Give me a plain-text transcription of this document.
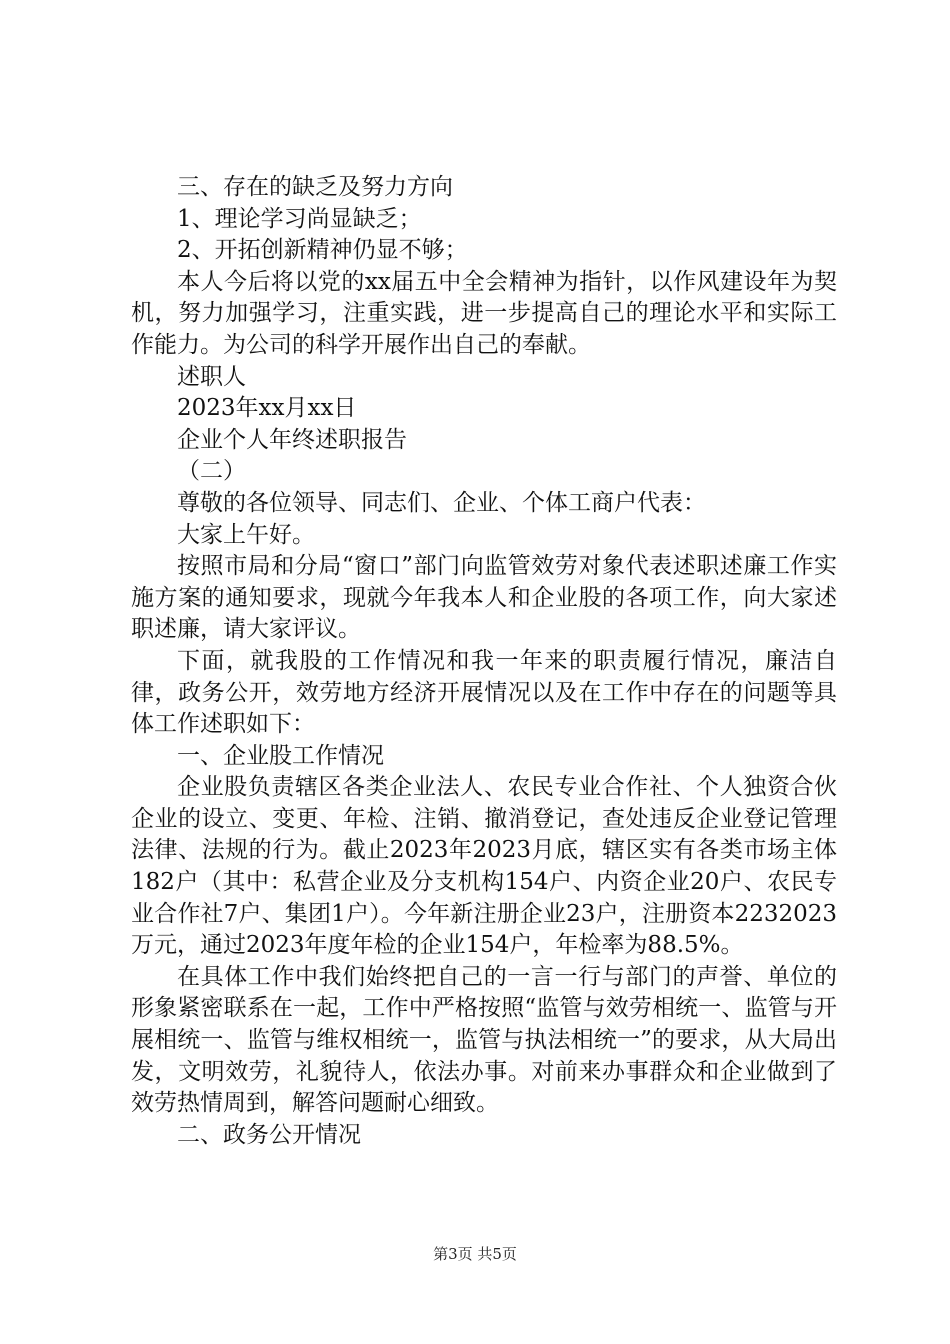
三、存在的缺乏及努力方向

1、理论学习尚显缺乏；

2、开拓创新精神仍显不够；

本人今后将以党的xx届五中全会精神为指针，以作风建设年为契机，努力加强学习，注重实践，进一步提高自己的理论水平和实际工作能力。为公司的科学开展作出自己的奉献。

述职人

2023年xx月xx日

企业个人年终述职报告

（二）

尊敬的各位领导、同志们、企业、个体工商户代表：

大家上午好。

按照市局和分局“窗口”部门向监管效劳对象代表述职述廉工作实施方案的通知要求，现就今年我本人和企业股的各项工作，向大家述职述廉，请大家评议。

下面，就我股的工作情况和我一年来的职责履行情况，廉洁自律，政务公开，效劳地方经济开展情况以及在工作中存在的问题等具体工作述职如下：

一、企业股工作情况

企业股负责辖区各类企业法人、农民专业合作社、个人独资合伙企业的设立、变更、年检、注销、撤消登记，查处违反企业登记管理法律、法规的行为。截止2023年2023月底，辖区实有各类市场主体182户（其中：私营企业及分支机构154户、内资企业20户、农民专业合作社7户、集团1户）。今年新注册企业23户，注册资本2232023万元，通过2023年度年检的企业154户，年检率为88.5%。

在具体工作中我们始终把自己的一言一行与部门的声誉、单位的形象紧密联系在一起，工作中严格按照“监管与效劳相统一、监管与开展相统一、监管与维权相统一，监管与执法相统一”的要求，从大局出发，文明效劳，礼貌待人，依法办事。对前来办事群众和企业做到了效劳热情周到，解答问题耐心细致。

二、政务公开情况

第3页 共5页
